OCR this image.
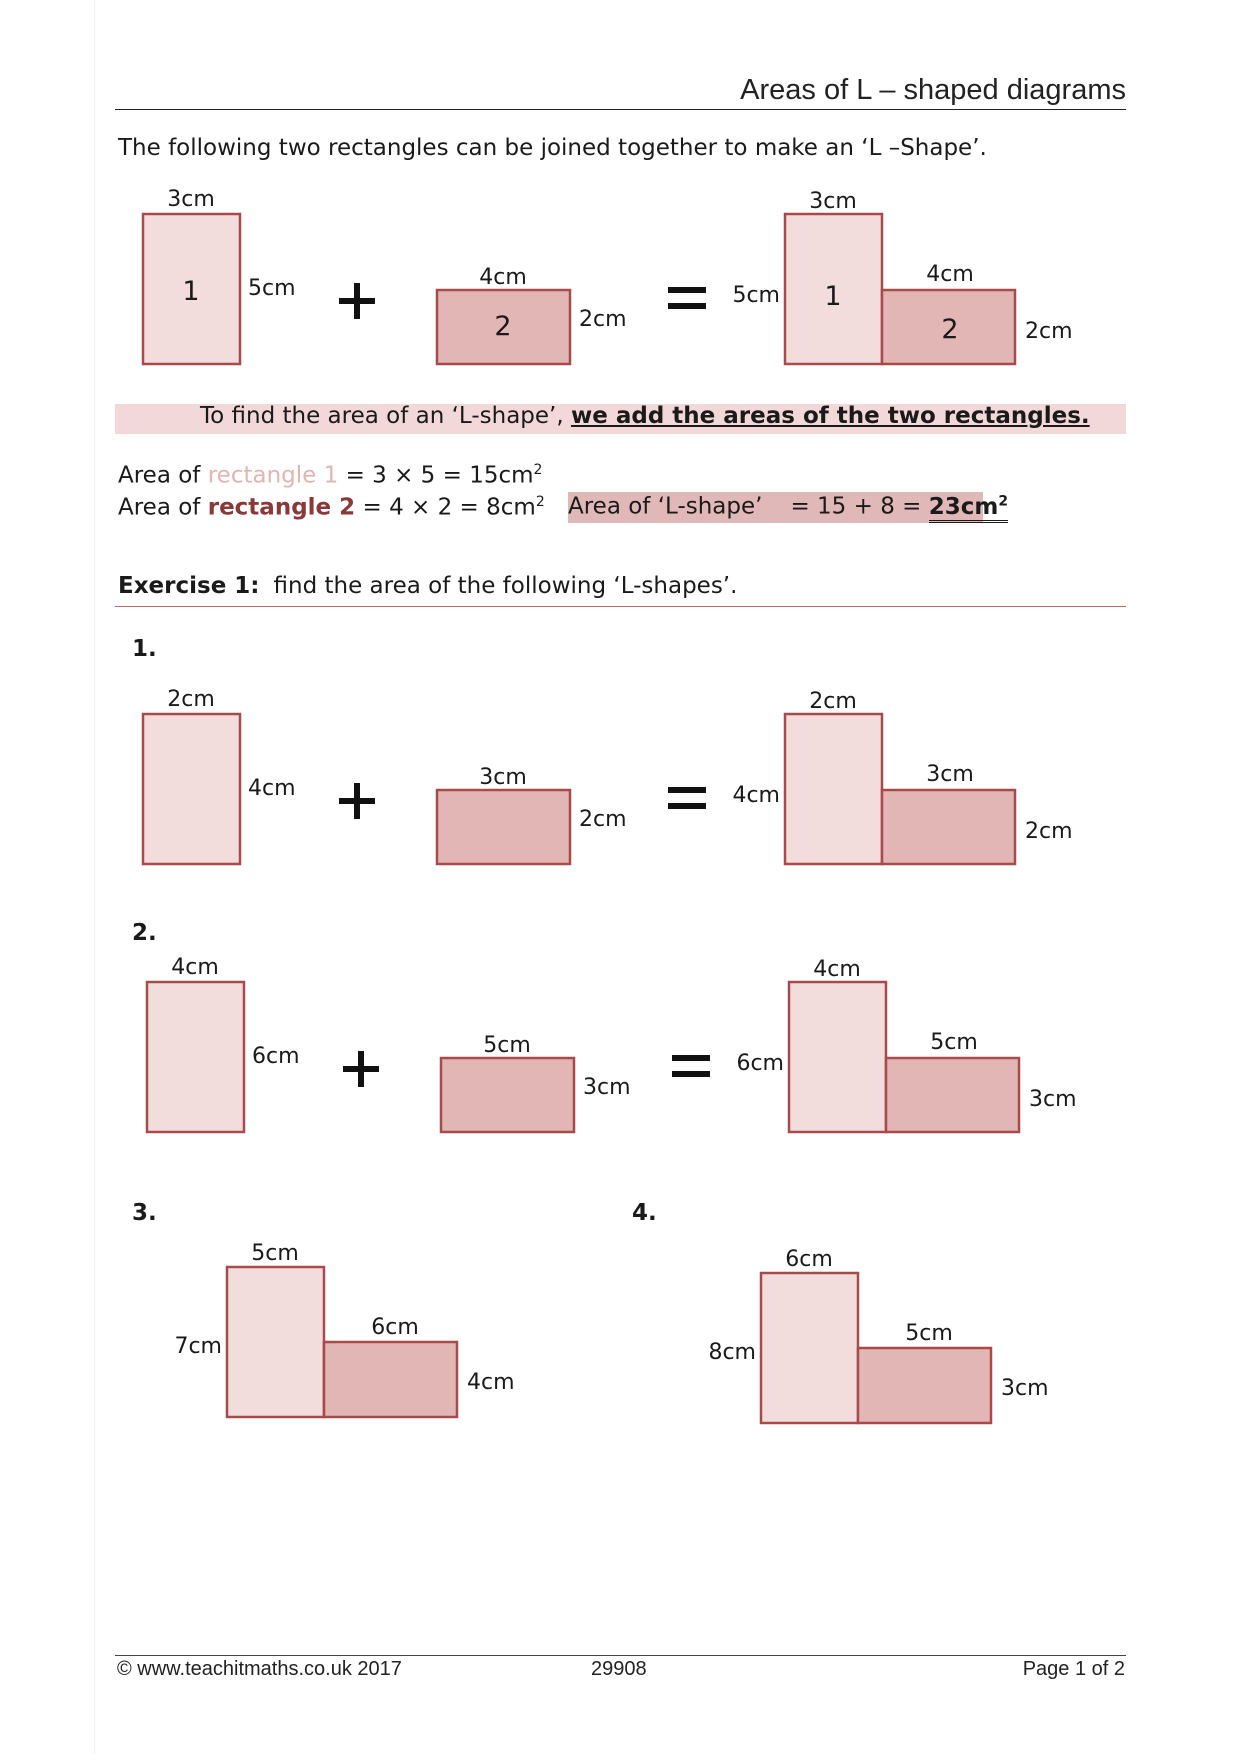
Areas of L – shaped diagrams
The following two rectangles can be joined together to make an ‘L –Shape’.
To find the area of an ‘L-shape’, we add the areas of the two rectangles.
Area of rectangle $1 = 3 \times 5 = 15cm^2$
Area of rectangle $2 = 4 \times 2 = 8cm^2$ Area of ‘L-shape’ = $15 + 8 = 23cm^2$
Exercise 1: find the area of the following ‘L-shapes’.
1.
2.
3.	4.
3cm
5cm
1	4cm
2cm
2
3cm
5cm
4cm
2cm
1
2
2cm
4cm	3cm
2cm
2cm
4cm
3cm
2cm
4cm
6cm	5cm
3cm
4cm
6cm
5cm
3cm
5cm
7cm
6cm
4cm
6cm
8cm
5cm
3cm
© www.teachitmaths.co.uk 2017	29908	Page 1 of 2
